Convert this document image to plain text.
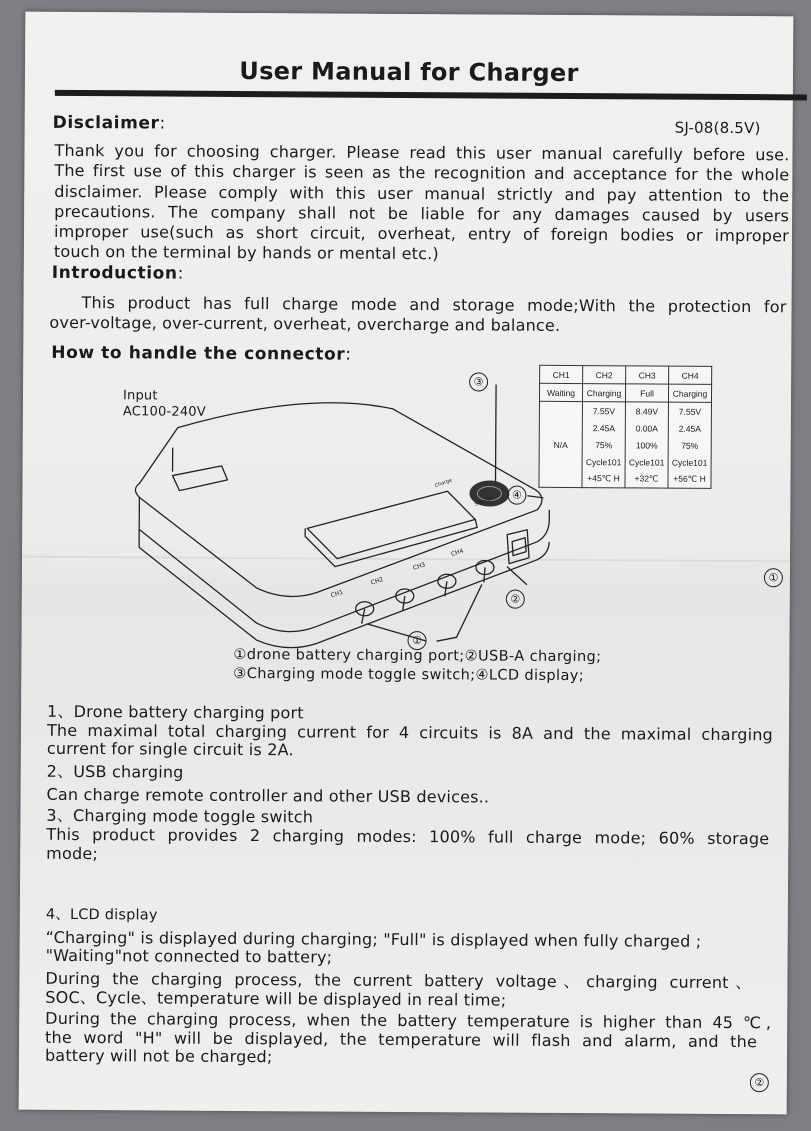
User Manual for Charger
Disclaimer:	SJ-08(8.5V)
Thank you for choosing charger. Please read this user manual carefully before use.
The first use of this charger is seen as the recognition and acceptance for the whole
disclaimer. Please comply with this user manual strictly and pay attention to the
precautions. The company shall not be liable for any damages caused by users
improper use(such as short circuit, overheat, entry of foreign bodies or improper
touch on the terminal by hands or mental etc.)
Introduction:
This product has full charge mode and storage mode;With the protection for
over-voltage, over-current, overheat, overcharge and balance.
How to handle the connector:
Input
AC100-240V
CH1
CH2
CH3
CH4
Charge
Storage
③
④
②
①
①
CH1	CH2	CH3	CH4
Waiting	Charging	Full	Charging
N/A	7.55V	8.49V	7.55V
	2.45A	0.00A	2.45A
	75%	100%	75%
	Cycle101	Cycle101	Cycle101
	+45℃ H	+32℃	+56℃ H
①drone battery charging port;②USB-A charging;
③Charging mode toggle switch;④LCD display;
1、Drone battery charging port
The maximal total charging current for 4 circuits is 8A and the maximal charging
current for single circuit is 2A.
2、USB charging
Can charge remote controller and other USB devices..
3、Charging mode toggle switch
This product provides 2 charging modes: 100% full charge mode; 60% storage
mode;
4、LCD display
“Charging" is displayed during charging; "Full" is displayed when fully charged ;
"Waiting"not connected to battery;
During the charging process, the current battery voltage、charging current、
SOC、Cycle、temperature will be displayed in real time;
During the charging process, when the battery temperature is higher than 45 ℃,
the word "H" will be displayed, the temperature will flash and alarm, and the
battery will not be charged;
②
